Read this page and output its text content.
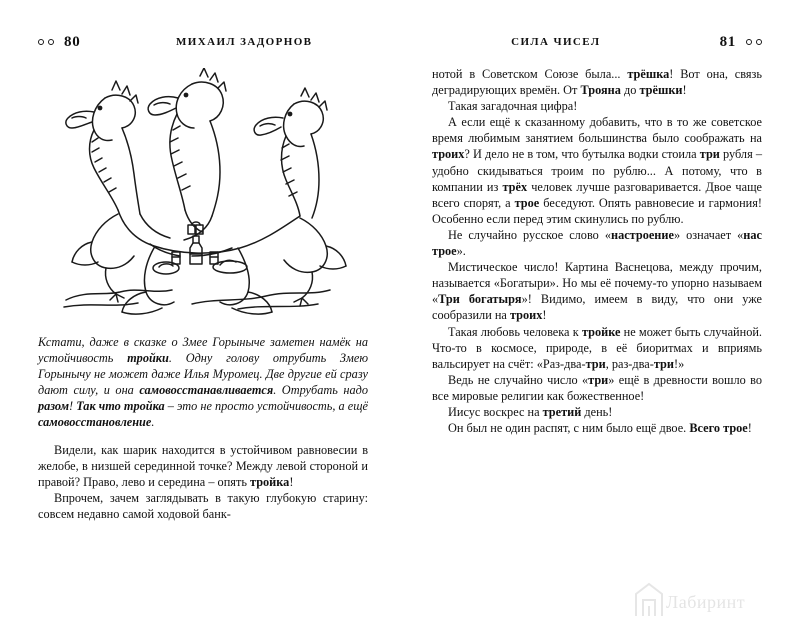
80	МИХАИЛ ЗАДОРНОВ	СИЛА ЧИСЕЛ	81

Кстати, даже в сказке о Змее Горыныче заметен намёк на устойчивость тройки. Одну голову отрубить Змею Горынычу не может даже Илья Муромец. Две другие ей сразу дают силу, и она самовосстанавливается. Отрубать надо разом! Так что тройка – это не просто устойчивость, а ещё самовосстановление.

Видели, как шарик находится в устойчивом равновесии в желобе, в низшей серединной точке? Между левой стороной и правой? Право, лево и середина – опять тройка!

Впрочем, зачем заглядывать в такую глубокую старину: совсем недавно самой ходовой банк-

нотой в Советском Союзе была... трёшка! Вот она, связь деградирующих времён. От Трояна до трёшки!

Такая загадочная цифра!

А если ещё к сказанному добавить, что в то же советское время любимым занятием большинства было соображать на троих? И дело не в том, что бутылка водки стоила три рубля – удобно скидываться троим по рублю... А потому, что в компании из трёх человек лучше разговаривается. Двое чаще всего спорят, а трое беседуют. Опять равновесие и гармония! Особенно если перед этим скинулись по рублю.

Не случайно русское слово «настроение» означает «нас трое».

Мистическое число! Картина Васнецова, между прочим, называется «Богатыри». Но мы её почему-то упорно называем «Три богатыря»! Видимо, имеем в виду, что они уже сообразили на троих!

Такая любовь человека к тройке не может быть случайной. Что-то в космосе, природе, в её биоритмах и вприямь вальсирует на счёт: «Раз-два-три, раз-два-три!»

Ведь не случайно число «три» ещё в древности вошло во все мировые религии как божественное!

Иисус воскрес на третий день!

Он был не один распят, с ним было ещё двое. Всего трое!

Лабиринт
